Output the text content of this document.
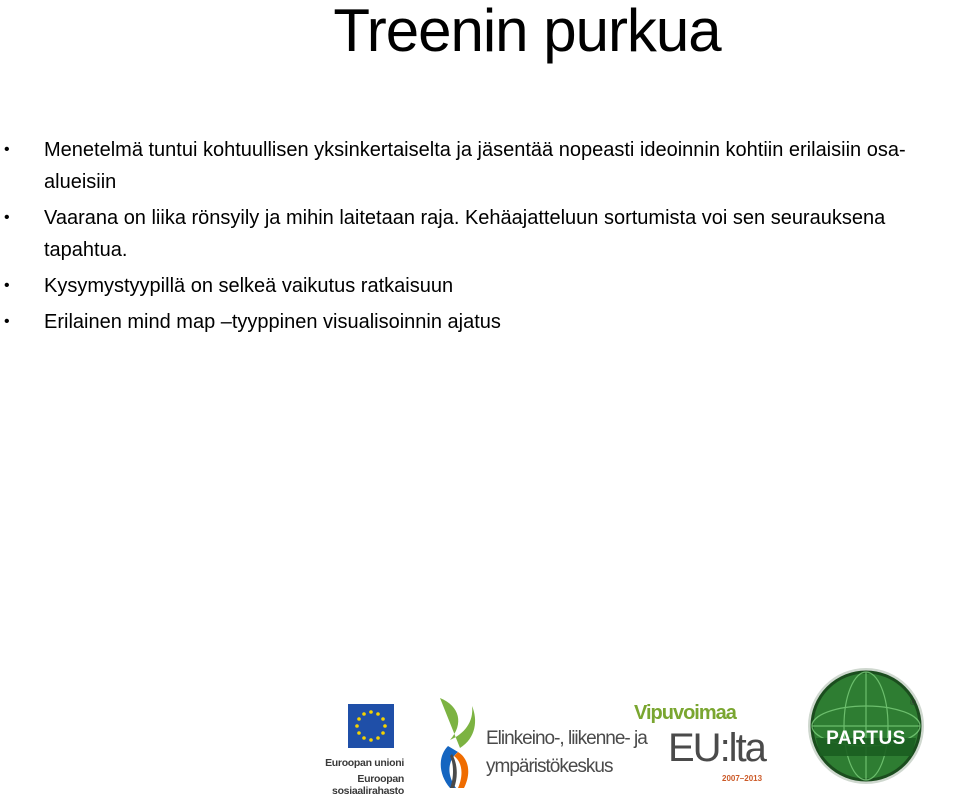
Treenin purkua
• Menetelmä tuntui kohtuullisen yksinkertaiselta ja jäsentää nopeasti ideoinnin kohtiin erilaisiin osa-alueisiin
• Vaarana on liika rönsyily ja mihin laitetaan raja. Kehäajatteluun sortumista voi sen seurauksena tapahtua.
• Kysymystyypillä on selkeä vaikutus ratkaisuun
• Erilainen mind map –tyyppinen visualisoinnin ajatus
Euroopan unioni
Euroopan sosiaalirahasto
Elinkeino-, liikenne- ja
ympäristökeskus
Vipuvoimaa
EU:lta
2007–2013
PARTUS
®
